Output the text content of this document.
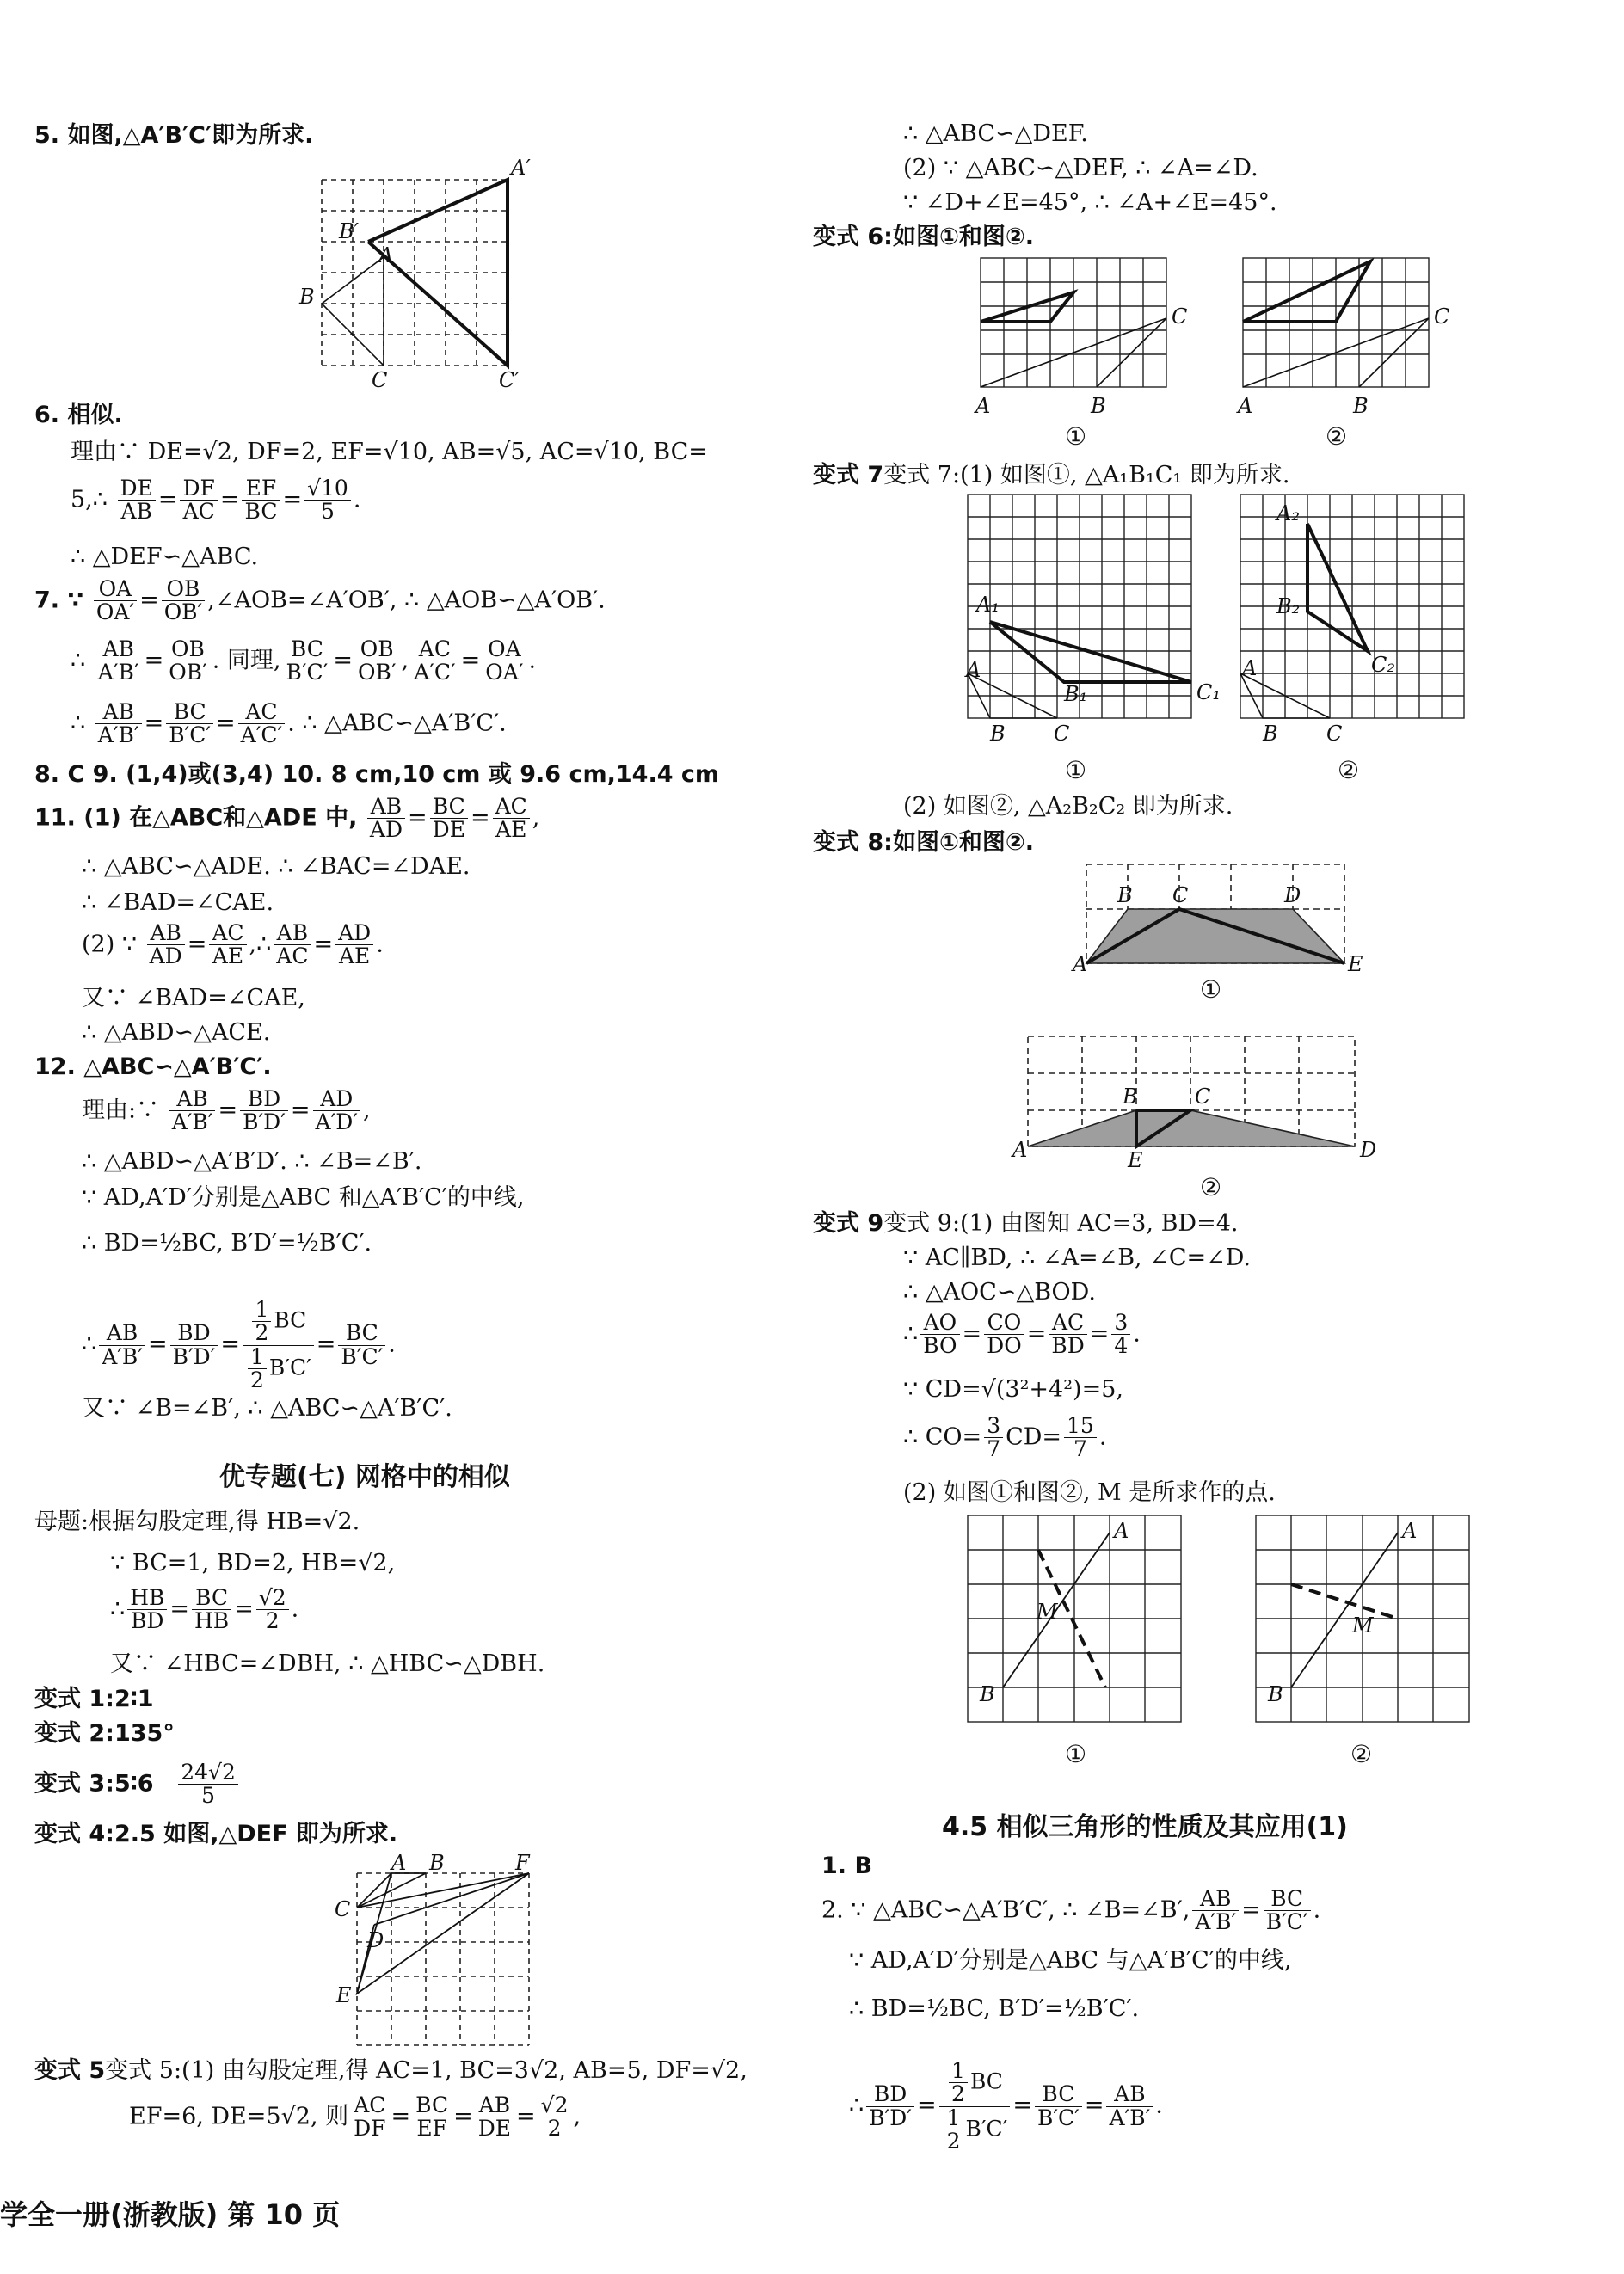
5. 如图,△A′B′C′即为所求.
B
B′
A
A′
C	C′
6. 相似.
理由∵ DE=√2, DF=2, EF=√10, AB=√5, AC=√10, BC=
5,∴ $\frac{DE}{AB} = \frac{DF}{AC} = \frac{EF}{BC} = \frac{√10}{5}$ .
∴ △DEF∽△ABC.
7. ∵ $\frac{OA}{OA'} = \frac{OB}{OB'}$ ,∠AOB=∠A′OB′, ∴ △AOB∽△A′OB′.
∴ $\frac{AB}{A'B'} = \frac{OB}{OB'}$ . 同理, $\frac{BC}{B'C'} = \frac{OB}{OB'}$ , $\frac{AC}{A'C'} = \frac{OA}{OA'}$ .
∴ $\frac{AB}{A'B'} = \frac{BC}{B'C'} = \frac{AC}{A'C'}$ . ∴ △ABC∽△A′B′C′.
8. C 9. (1,4)或(3,4) 10. 8 cm,10 cm 或 9.6 cm,14.4 cm
11. (1) 在△ABC和△ADE 中, $\frac{AB}{AD} = \frac{BC}{DE} = \frac{AC}{AE}$ ,
∴ △ABC∽△ADE. ∴ ∠BAC=∠DAE.
∴ ∠BAD=∠CAE.
(2) ∵ $\frac{AB}{AD} = \frac{AC}{AE}$ ,∴ $\frac{AB}{AC} = \frac{AD}{AE}$ .
又∵ ∠BAD=∠CAE,
∴ △ABD∽△ACE.
12. △ABC∽△A′B′C′.
理由:∵ $\frac{AB}{A'B'} = \frac{BD}{B'D'} = \frac{AD}{A'D'}$ ,
∴ △ABD∽△A′B′D′. ∴ ∠B=∠B′.
∵ AD,A′D′分别是△ABC 和△A′B′C′的中线,
∴ BD=½BC, B′D′=½B′C′.
∴ $\frac{AB}{A'B'} = \frac{BD}{B'D'} = \frac{\frac{1}{2} BC}{\frac{1}{2} B'C'} = \frac{BC}{B'C'}$ .
又∵ ∠B=∠B′, ∴ △ABC∽△A′B′C′.
优专题(七) 网格中的相似
母题:根据勾股定理,得 HB=√2.
∵ BC=1, BD=2, HB=√2,
∴ $\frac{HB}{BD} = \frac{BC}{HB} = \frac{√2}{2}$ .
又∵ ∠HBC=∠DBH, ∴ △HBC∽△DBH.
变式 1:2∶1
变式 2:135°
变式 3:5∶6 $\frac{24√2}{5}$
变式 4:2.5 如图,△DEF 即为所求.
A B	F
C
D
E
变式 5变式 5:(1) 由勾股定理,得 AC=1, BC=3√2, AB=5, DF=√2,
EF=6, DE=5√2, 则 $\frac{AC}{DF} = \frac{BC}{EF} = \frac{AB}{DE} = \frac{√2}{2}$ ,
∴ △ABC∽△DEF.
(2) ∵ △ABC∽△DEF, ∴ ∠A=∠D.
∵ ∠D+∠E=45°, ∴ ∠A+∠E=45°.
变式 6:如图①和图②.
A	B
C
A	B
C
①	②
变式 7变式 7:(1) 如图①, △A₁B₁C₁ 即为所求.
A₁
B₁	C₁
A
B C
A₂
B₂
C₂
A
B C
①	②
(2) 如图②, △A₂B₂C₂ 即为所求.
变式 8:如图①和图②.
A
B C	D
E
①
A
B	C
D
E
②
变式 9变式 9:(1) 由图知 AC=3, BD=4.
∵ AC∥BD, ∴ ∠A=∠B, ∠C=∠D.
∴ △AOC∽△BOD.
∴ $\frac{AO}{BO} = \frac{CO}{DO} = \frac{AC}{BD} = \frac{3}{4}$ .
∵ CD=√(3²+4²)=5,
∴ $CO= \frac{3}{7} CD= \frac{15}{7}$ .
(2) 如图①和图②, M 是所求作的点.
A
B
M
A
B
M
①	②
4.5 相似三角形的性质及其应用(1)
1. B
2. ∵ △ABC∽△A′B′C′, ∴ ∠B=∠B′, $\frac{AB}{A'B'} = \frac{BC}{B'C'}$ .
∵ AD,A′D′分别是△ABC 与△A′B′C′的中线,
∴ BD=½BC, B′D′=½B′C′.
∴ $\frac{BD}{B'D'} = \frac{\frac{1}{2} BC}{\frac{1}{2} B'C'} = \frac{BC}{B'C'} = \frac{AB}{A'B'}$ .
学全一册(浙教版) 第 10 页
